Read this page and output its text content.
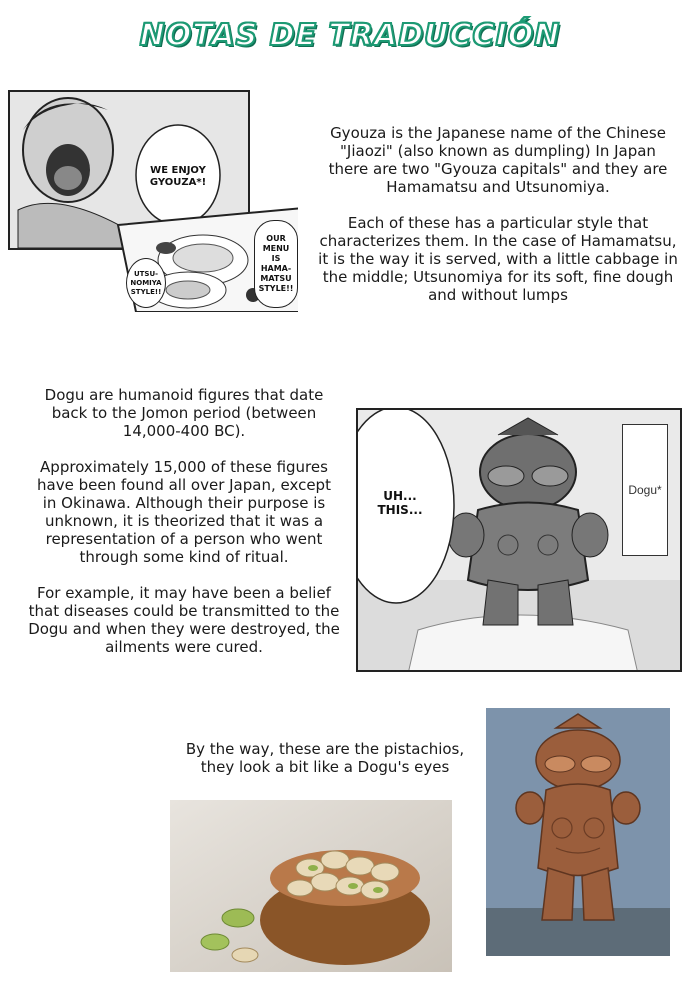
NOTAS DE TRADUCCIÓN
WE ENJOY GYOUZA*!
OUR MENU IS HAMA-MATSU STYLE!!
UTSU-NOMIYA STYLE!!

Gyouza is the Japanese name of the Chinese "Jiaozi" (also known as dumpling) In Japan there are two "Gyouza capitals" and they are Hamamatsu and Utsunomiya.

Each of these has a particular style that characterizes them. In the case of Hamamatsu, it is the way it is served, with a little cabbage in the middle; Utsunomiya for its soft, fine dough and without lumps

Dogu are humanoid figures that date back to the Jomon period (between 14,000-400 BC).

Approximately 15,000 of these figures have been found all over Japan, except in Okinawa. Although their purpose is unknown, it is theorized that it was a representation of a person who went through some kind of ritual.

For example, it may have been a belief that diseases could be transmitted to the Dogu and when they were destroyed, the ailments were cured.

UH... THIS...
Dogu*

By the way, these are the pistachios, they look a bit like a Dogu's eyes
